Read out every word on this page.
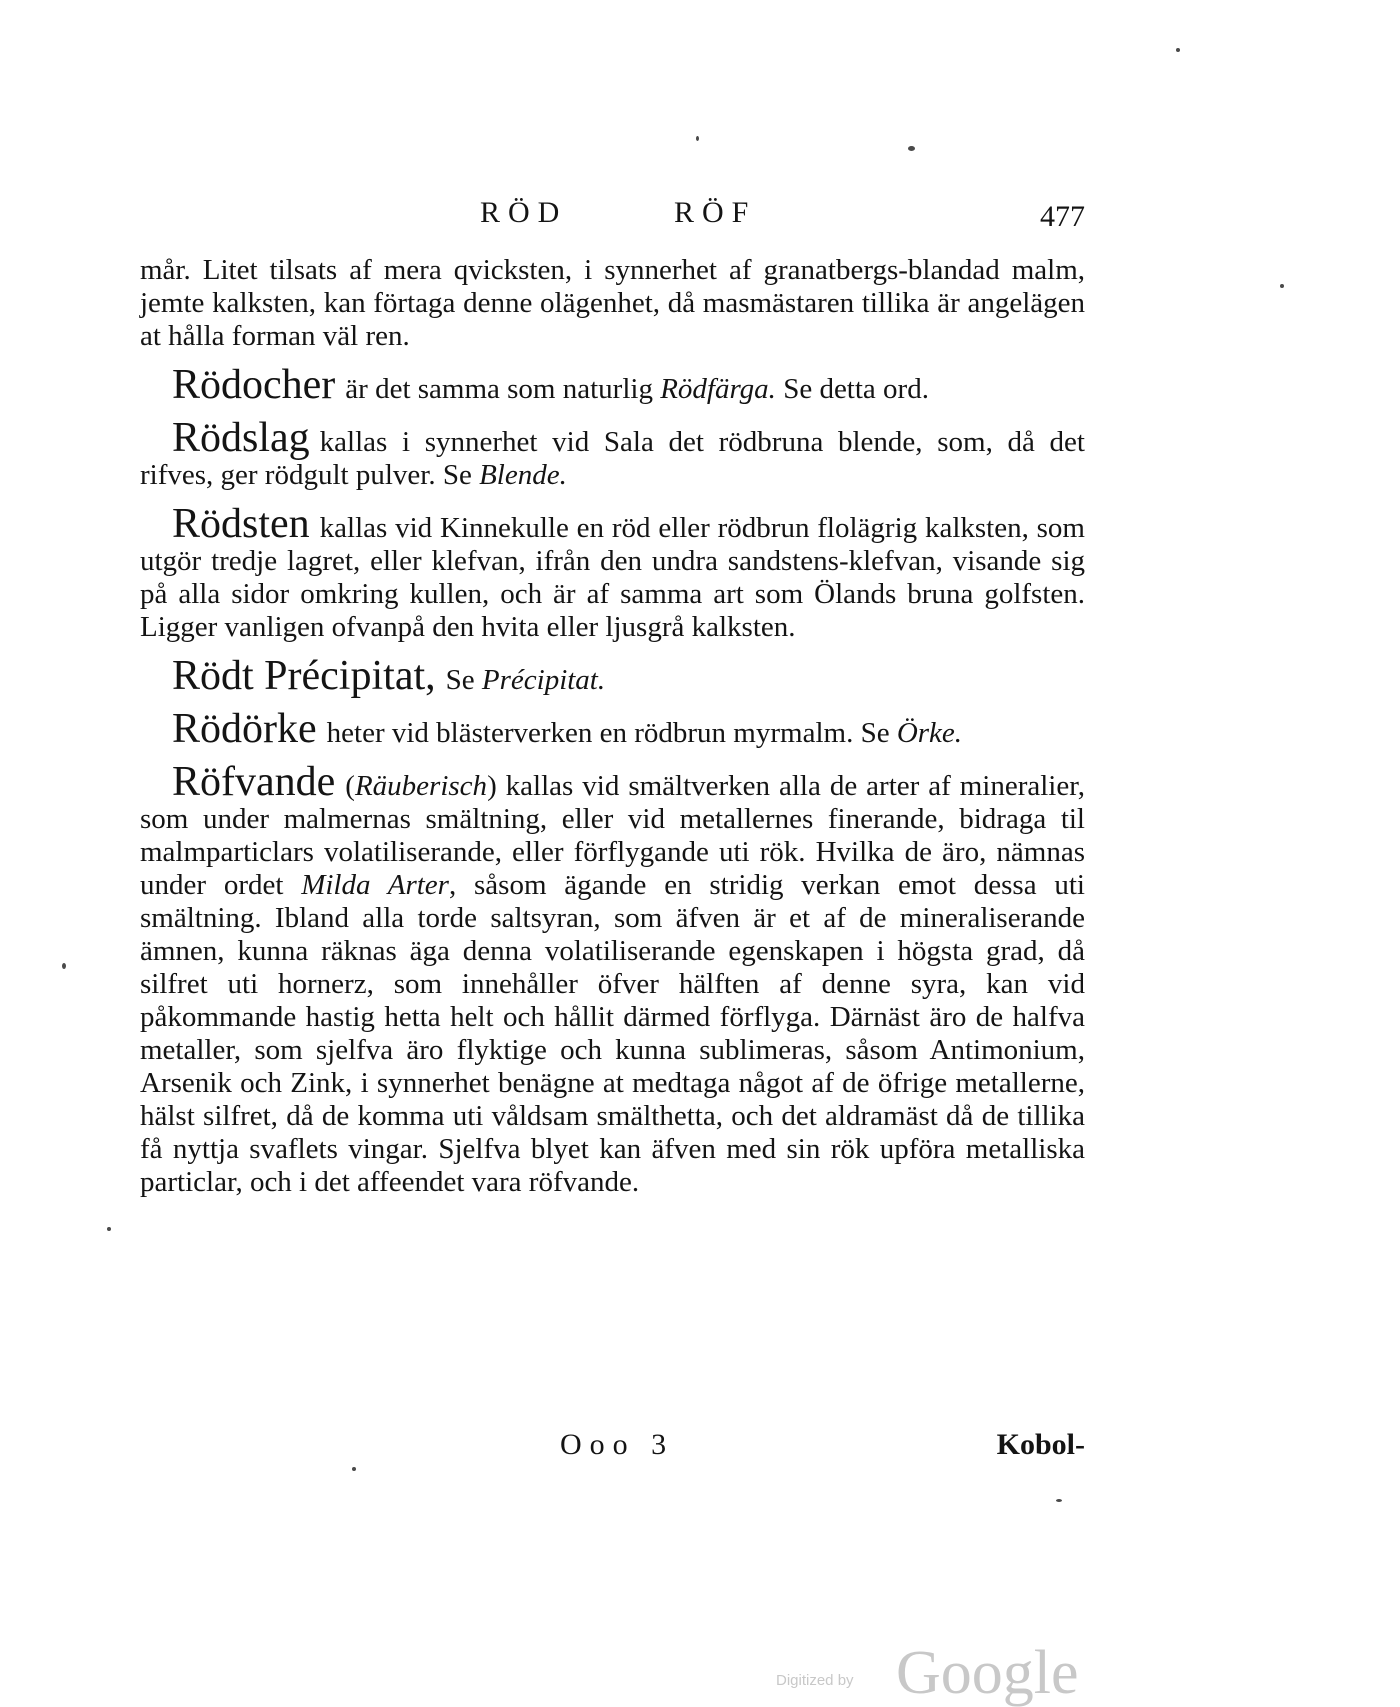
RÖD	RÖF	477

mår. Litet tilsats af mera qvicksten, i synnerhet af granatbergs-blandad malm, jemte kalksten, kan förtaga denne olägenhet, då masmästaren tillika är angelägen at hålla forman väl ren.

Rödocher är det samma som naturlig Rödfärga. Se detta ord.

Rödslag kallas i synnerhet vid Sala det rödbruna blende, som, då det rifves, ger rödgult pulver. Se Blende.

Rödsten kallas vid Kinnekulle en röd eller rödbrun flolägrig kalksten, som utgör tredje lagret, eller klefvan, ifrån den undra sandstens-klefvan, visande sig på alla sidor omkring kullen, och är af samma art som Ölands bruna golfsten. Ligger vanligen ofvanpå den hvita eller ljusgrå kalksten.

Rödt Précipitat, Se Précipitat.

Rödörke heter vid blästerverken en rödbrun myrmalm. Se Örke.

Röfvande (Räuberisch) kallas vid smältverken alla de arter af mineralier, som under malmernas smältning, eller vid metallernes finerande, bidraga til malmparticlars volatiliserande, eller förflygande uti rök. Hvilka de äro, nämnas under ordet Milda Arter, såsom ägande en stridig verkan emot dessa uti smältning. Ibland alla torde saltsyran, som äfven är et af de mineraliserande ämnen, kunna räknas äga denna volatiliserande egenskapen i högsta grad, då silfret uti hornerz, som innehåller öfver hälften af denne syra, kan vid påkommande hastig hetta helt och hållit därmed förflyga. Därnäst äro de halfva metaller, som sjelfva äro flyktige och kunna sublimeras, såsom Antimonium, Arsenik och Zink, i synnerhet benägne at medtaga något af de öfrige metallerne, hälst silfret, då de komma uti våldsam smälthetta, och det aldramäst då de tillika få nyttja svaflets vingar. Sjelfva blyet kan äfven med sin rök upföra metalliska particlar, och i det affeendet vara röfvande.

Ooo 3	Kobol-
Digitized by Google
